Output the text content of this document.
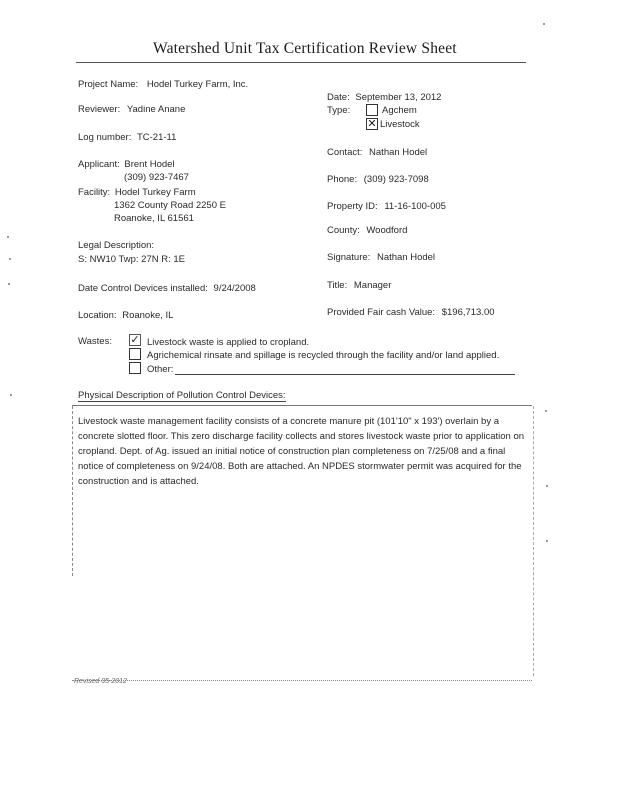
Watershed Unit Tax Certification Review Sheet
Project Name: Hodel Turkey Farm, Inc.
Date: September 13, 2012
Reviewer: Yadine Anane	Type:	Agchem
✕ Livestock
Log number: TC-21-11
Contact: Nathan Hodel
Applicant: Brent Hodel
(309) 923-7467	Phone: (309) 923-7098
Facility: Hodel Turkey Farm
1362 County Road 2250 E
Roanoke, IL 61561
Property ID: 11-16-100-005
County: Woodford
Legal Description:
S: NW10 Twp: 27N R: 1E	Signature: Nathan Hodel
Date Control Devices installed: 9/24/2008	Title: Manager
Location: Roanoke, IL	Provided Fair cash Value: $196,713.00
Wastes: ✓ Livestock waste is applied to cropland.
Agrichemical rinsate and spillage is recycled through the facility and/or land applied.
Other:
Physical Description of Pollution Control Devices:
Livestock waste management facility consists of a concrete manure pit (101'10" x 193') overlain by a concrete slotted floor. This zero discharge facility collects and stores livestock waste prior to application on cropland. Dept. of Ag. issued an initial notice of construction plan completeness on 7/25/08 and a final notice of completeness on 9/24/08. Both are attached. An NPDES stormwater permit was acquired for the construction and is attached.
Revised 05-2012
